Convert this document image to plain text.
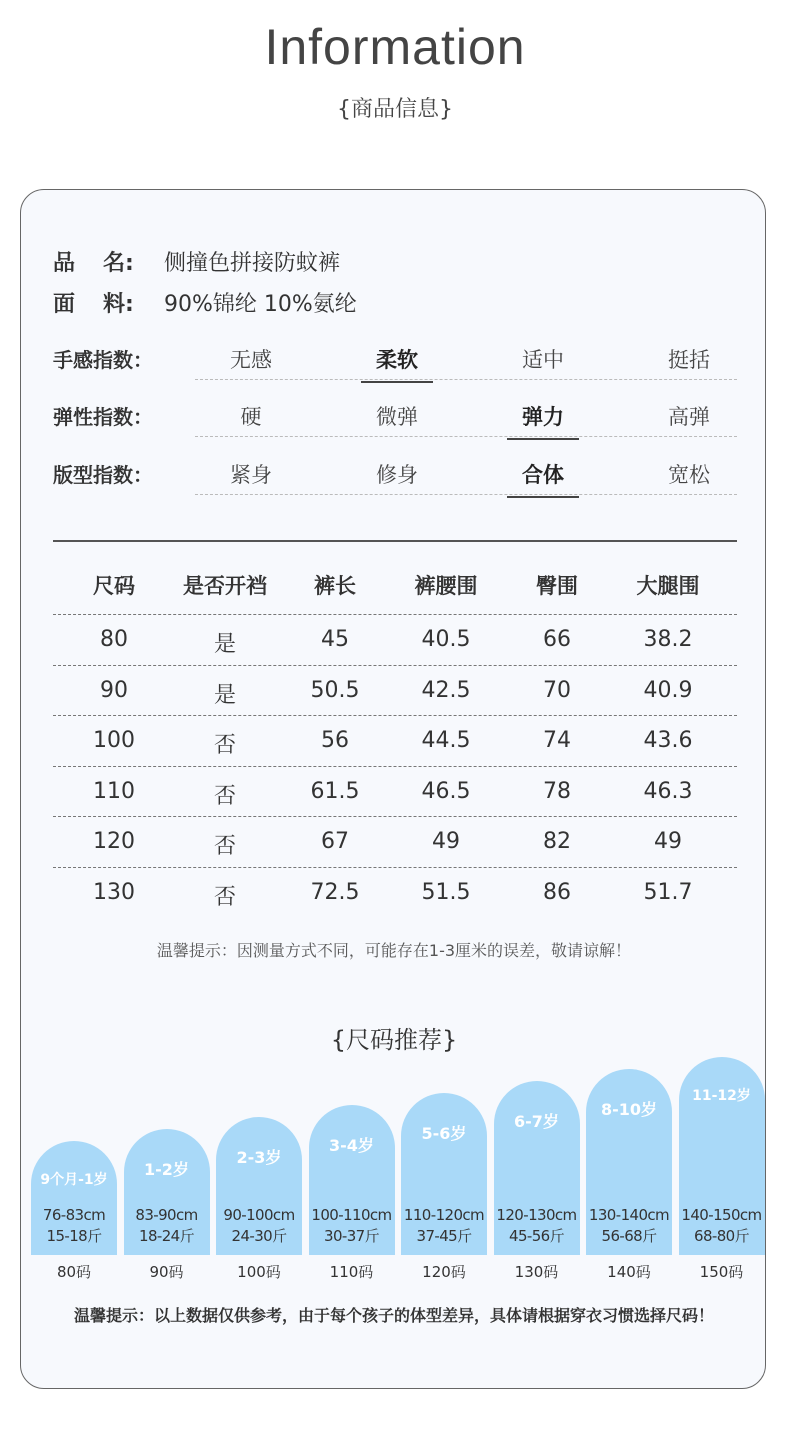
Information
{商品信息}
品 名: 侧撞色拼接防蚊裤
面 料: 90%锦纶 10%氨纶
手感指数：	无感	柔软	适中	挺括
弹性指数：	硬	微弹	弹力	高弹
版型指数：	紧身	修身	合体	宽松
尺码	是否开裆	裤长	裤腰围	臀围	大腿围
80	是	45	40.5	66	38.2
90	是	50.5	42.5	70	40.9
100	否	56	44.5	74	43.6
110	否	61.5	46.5	78	46.3
120	否	67	49	82	49
130	否	72.5	51.5	86	51.7
温馨提示：因测量方式不同，可能存在1-3厘米的误差，敬请谅解！
{尺码推荐}
9个月-1岁
76-83cm
15-18斤
80码
1-2岁
83-90cm
18-24斤
90码
2-3岁
90-100cm
24-30斤
100码
3-4岁
100-110cm
30-37斤
110码
5-6岁
110-120cm
37-45斤
120码
6-7岁
120-130cm
45-56斤
130码
8-10岁
130-140cm
56-68斤
140码
11-12岁
140-150cm
68-80斤
150码
温馨提示：以上数据仅供参考，由于每个孩子的体型差异，具体请根据穿衣习惯选择尺码！
